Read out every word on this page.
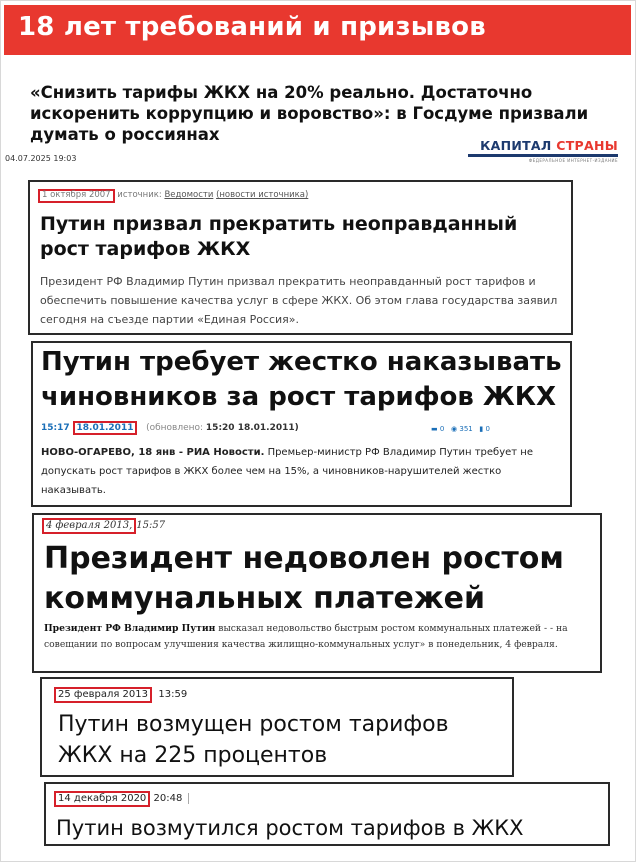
18 лет требований и призывов
«Снизить тарифы ЖКХ на 20% реально. Достаточно искоренить коррупцию и воровство»: в Госдуме призвали думать о россиянах
04.07.2025 19:03
КАПИТАЛ СТРАНЫ
ФЕДЕРАЛЬНОЕ ИНТЕРНЕТ-ИЗДАНИЕ
1 октября 2007 источник: Ведомости (новости источника)
Путин призвал прекратить неоправданный рост тарифов ЖКХ
Президент РФ Владимир Путин призвал прекратить неоправданный рост тарифов и обеспечить повышение качества услуг в сфере ЖКХ. Об этом глава государства заявил сегодня на съезде партии «Единая Россия».
Путин требует жестко наказывать
чиновников за рост тарифов ЖКХ
15:17 18.01.2011 (обновлено: 15:20 18.01.2011)	▬ 0 ◉ 351 ▮ 0
НОВО-ОГАРЕВО, 18 янв - РИА Новости. Премьер-министр РФ Владимир Путин требует не допускать рост тарифов в ЖКХ более чем на 15%, а чиновников-нарушителей жестко наказывать.
4 февраля 2013, 15:57
Президент недоволен ростом коммунальных платежей
Президент РФ Владимир Путин высказал недовольство быстрым ростом коммунальных платежей - - на совещании по вопросам улучшения качества жилищно-коммунальных услуг» в понедельник, 4 февраля.
25 февраля 2013 13:59
Путин возмущен ростом тарифов ЖКХ на 225 процентов
14 декабря 2020 20:48
Путин возмутился ростом тарифов в ЖКХ
